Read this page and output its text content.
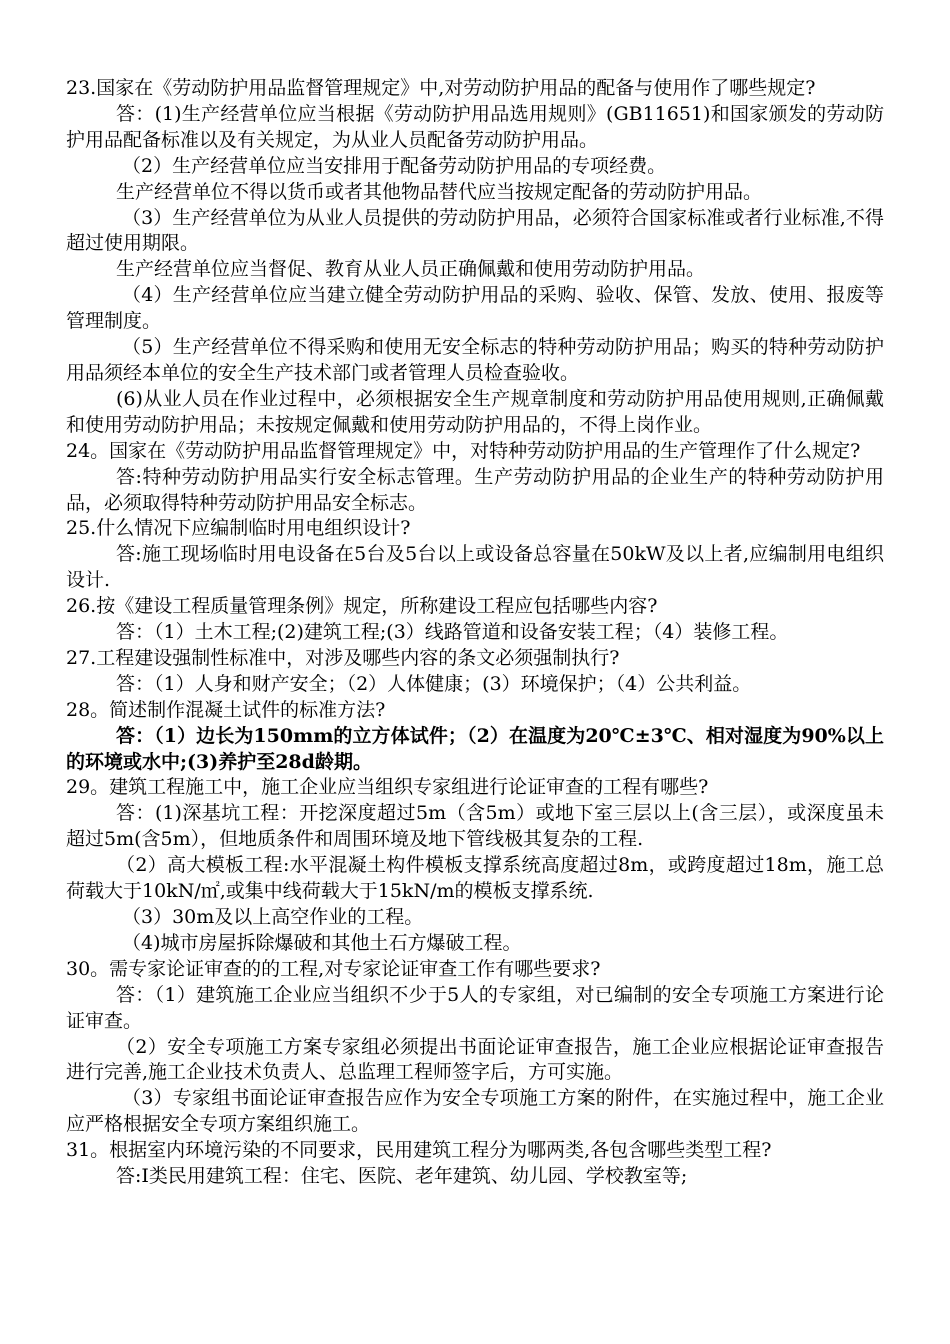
23.国家在《劳动防护用品监督管理规定》中,对劳动防护用品的配备与使用作了哪些规定?

答：(1)生产经营单位应当根据《劳动防护用品选用规则》(GB11651)和国家颁发的劳动防护用品配备标准以及有关规定，为从业人员配备劳动防护用品。

（2）生产经营单位应当安排用于配备劳动防护用品的专项经费。

生产经营单位不得以货币或者其他物品替代应当按规定配备的劳动防护用品。

（3）生产经营单位为从业人员提供的劳动防护用品，必须符合国家标准或者行业标准,不得超过使用期限。

生产经营单位应当督促、教育从业人员正确佩戴和使用劳动防护用品。

（4）生产经营单位应当建立健全劳动防护用品的采购、验收、保管、发放、使用、报废等管理制度。

（5）生产经营单位不得采购和使用无安全标志的特种劳动防护用品；购买的特种劳动防护用品须经本单位的安全生产技术部门或者管理人员检查验收。

(6)从业人员在作业过程中，必须根据安全生产规章制度和劳动防护用品使用规则,正确佩戴和使用劳动防护用品；未按规定佩戴和使用劳动防护用品的，不得上岗作业。

24。国家在《劳动防护用品监督管理规定》中，对特种劳动防护用品的生产管理作了什么规定?

答:特种劳动防护用品实行安全标志管理。生产劳动防护用品的企业生产的特种劳动防护用品，必须取得特种劳动防护用品安全标志。

25.什么情况下应编制临时用电组织设计?

答:施工现场临时用电设备在5台及5台以上或设备总容量在50kW及以上者,应编制用电组织设计.

26.按《建设工程质量管理条例》规定，所称建设工程应包括哪些内容?

答：（1）土木工程;(2)建筑工程;(3）线路管道和设备安装工程；（4）装修工程。

27.工程建设强制性标准中，对涉及哪些内容的条文必须强制执行?

答：（1）人身和财产安全；（2）人体健康；(3）环境保护；（4）公共利益。

28。简述制作混凝土试件的标准方法?

答：（1）边长为150mm的立方体试件；（2）在温度为20℃±3℃、相对湿度为90%以上的环境或水中;(3)养护至28d龄期。

29。建筑工程施工中，施工企业应当组织专家组进行论证审查的工程有哪些?

答：(1)深基坑工程：开挖深度超过5m（含5m）或地下室三层以上(含三层），或深度虽未超过5m(含5m），但地质条件和周围环境及地下管线极其复杂的工程.

（2）高大模板工程:水平混凝土构件模板支撑系统高度超过8m，或跨度超过18m，施工总荷载大于10kN/㎡,或集中线荷载大于15kN/m的模板支撑系统.

（3）30m及以上高空作业的工程。

（4)城市房屋拆除爆破和其他土石方爆破工程。

30。需专家论证审查的的工程,对专家论证审查工作有哪些要求?

答：（1）建筑施工企业应当组织不少于5人的专家组，对已编制的安全专项施工方案进行论证审查。

（2）安全专项施工方案专家组必须提出书面论证审查报告，施工企业应根据论证审查报告进行完善,施工企业技术负责人、总监理工程师签字后，方可实施。

（3）专家组书面论证审查报告应作为安全专项施工方案的附件，在实施过程中，施工企业应严格根据安全专项方案组织施工。

31。根据室内环境污染的不同要求，民用建筑工程分为哪两类,各包含哪些类型工程?

答:Ⅰ类民用建筑工程：住宅、医院、老年建筑、幼儿园、学校教室等;
